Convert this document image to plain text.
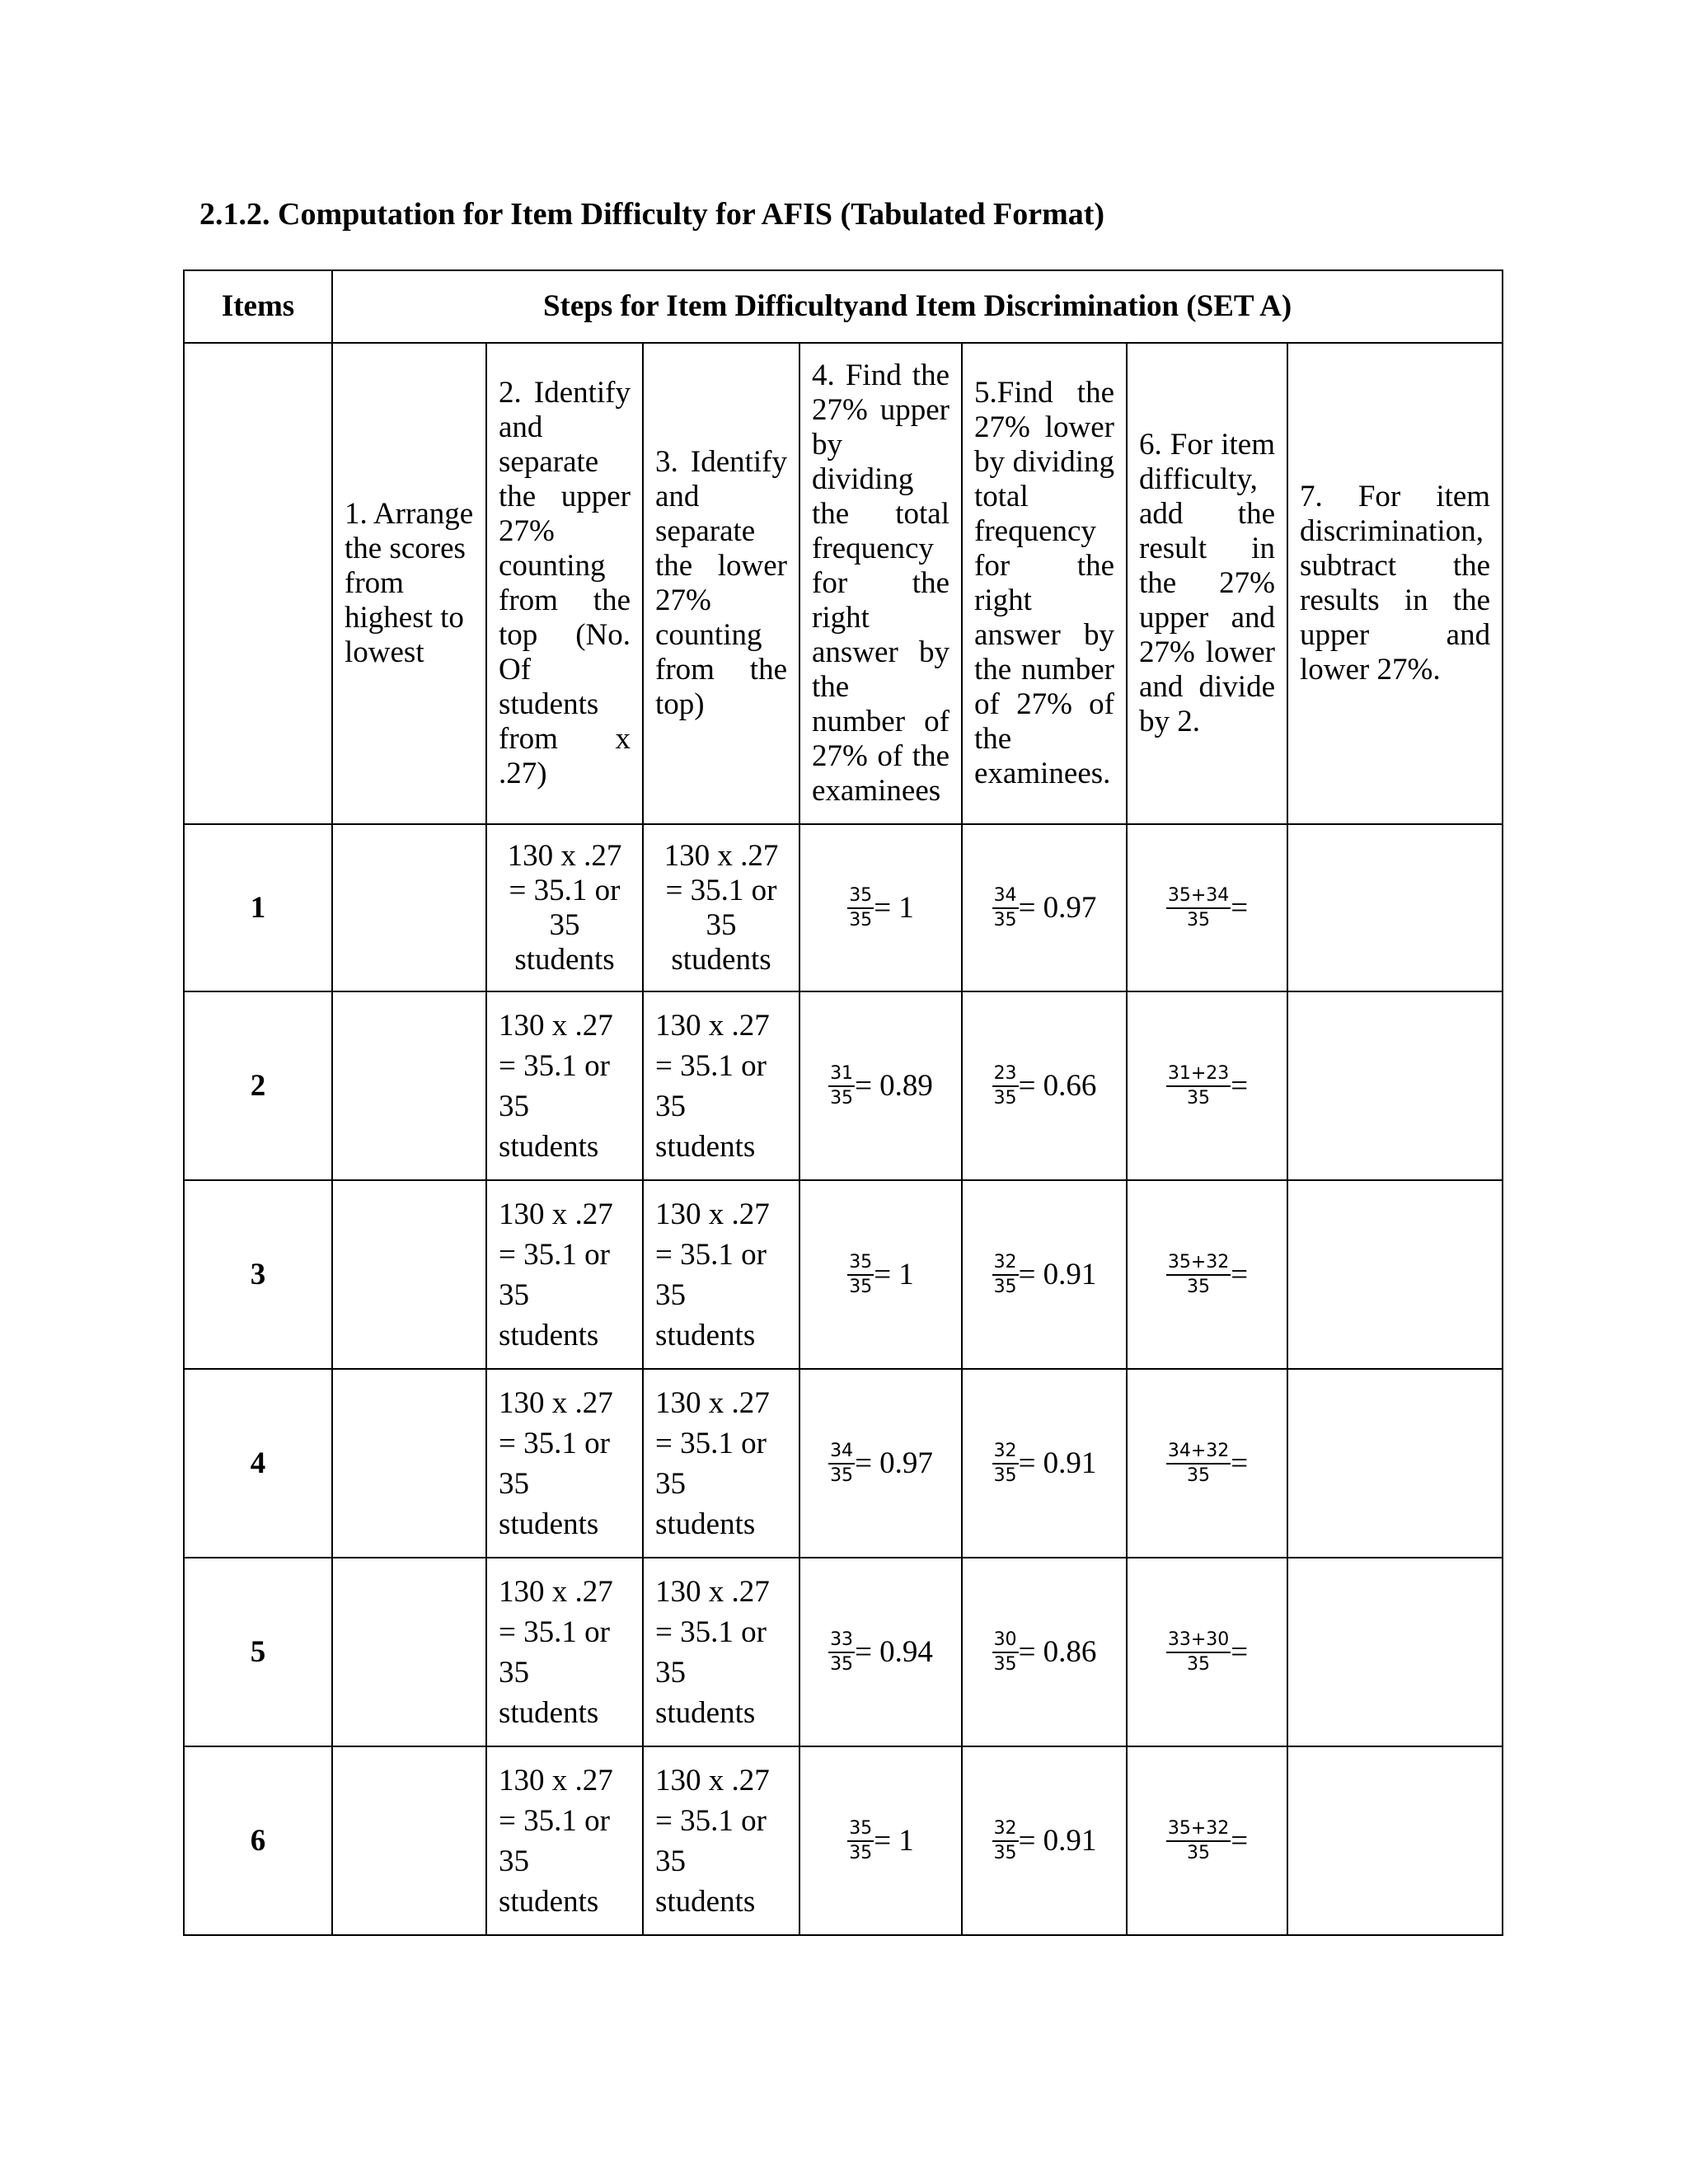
2.1.2. Computation for Item Difficulty for AFIS (Tabulated Format)
Items	Steps for Item Difficultyand Item Discrimination (SET A)						
	1. Arrange the scores from highest to lowest	2. Identify and separate the upper 27% counting from the top (No. Of students from x .27)	3. Identify and separate the lower 27% counting from the top)	4. Find the 27% upper by dividing the total frequency for the right answer by the number of 27% of the examinees	5.Find the 27% lower by dividing total frequency for the right answer by the number of 27% of the examinees.	6. For item difficulty, add the result in the 27% upper and 27% lower and divide by 2.	7. For item discrimination, subtract the results in the upper and lower 27%.
1		130 x .27
= 35.1 or
35
students	130 x .27
= 35.1 or
35
students	$\frac{35}{35} = 1$	$\frac{34}{35} = 0.97$	$\frac{35+34}{35}$ =	
2		130 x .27
= 35.1 or
35
students	130 x .27
= 35.1 or
35
students	$\frac{31}{35} = 0.89$	$\frac{23}{35} = 0.66$	$\frac{31+23}{35}$ =	
3		130 x .27
= 35.1 or
35
students	130 x .27
= 35.1 or
35
students	$\frac{35}{35} = 1$	$\frac{32}{35} = 0.91$	$\frac{35+32}{35}$ =	
4		130 x .27
= 35.1 or
35
students	130 x .27
= 35.1 or
35
students	$\frac{34}{35} = 0.97$	$\frac{32}{35} = 0.91$	$\frac{34+32}{35}$ =	
5		130 x .27
= 35.1 or
35
students	130 x .27
= 35.1 or
35
students	$\frac{33}{35} = 0.94$	$\frac{30}{35} = 0.86$	$\frac{33+30}{35}$ =	
6		130 x .27
= 35.1 or
35
students	130 x .27
= 35.1 or
35
students	$\frac{35}{35} = 1$	$\frac{32}{35} = 0.91$	$\frac{35+32}{35}$ =	
